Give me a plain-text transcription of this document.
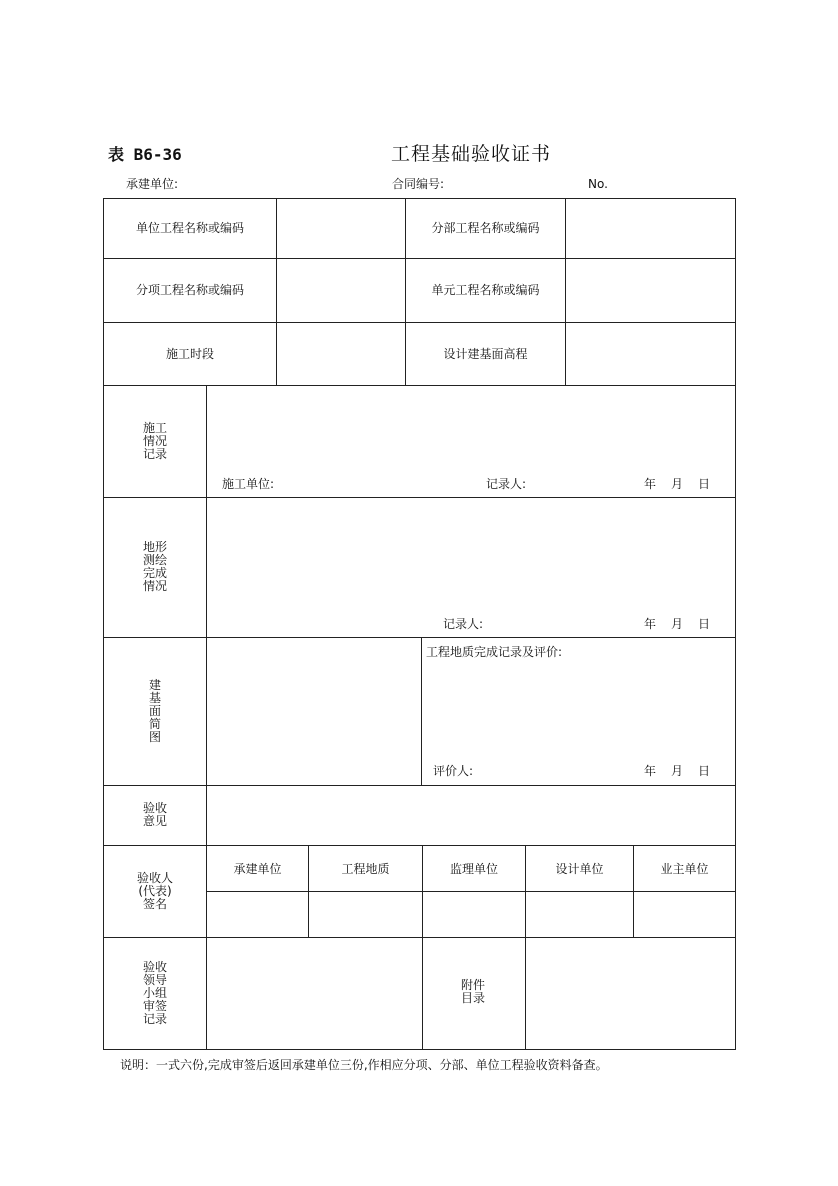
表 B6-36	工程基础验收证书
承建单位:	合同编号:	No.
单位工程名称或编码	分部工程名称或编码
分项工程名称或编码	单元工程名称或编码
施工时段	设计建基面高程
施工
情况
记录
施工单位:	记录人:	年 月 日
地形
测绘
完成
情况
记录人:	年 月 日
建
基
面
简
图
工程地质完成记录及评价:
评价人:	年 月 日
验收
意见
验收人
(代表)
签名
承建单位	工程地质	监理单位	设计单位	业主单位
验收
领导
小组
审签
记录
附件
目录
说明：一式六份,完成审签后返回承建单位三份,作相应分项、分部、单位工程验收资料备查。
